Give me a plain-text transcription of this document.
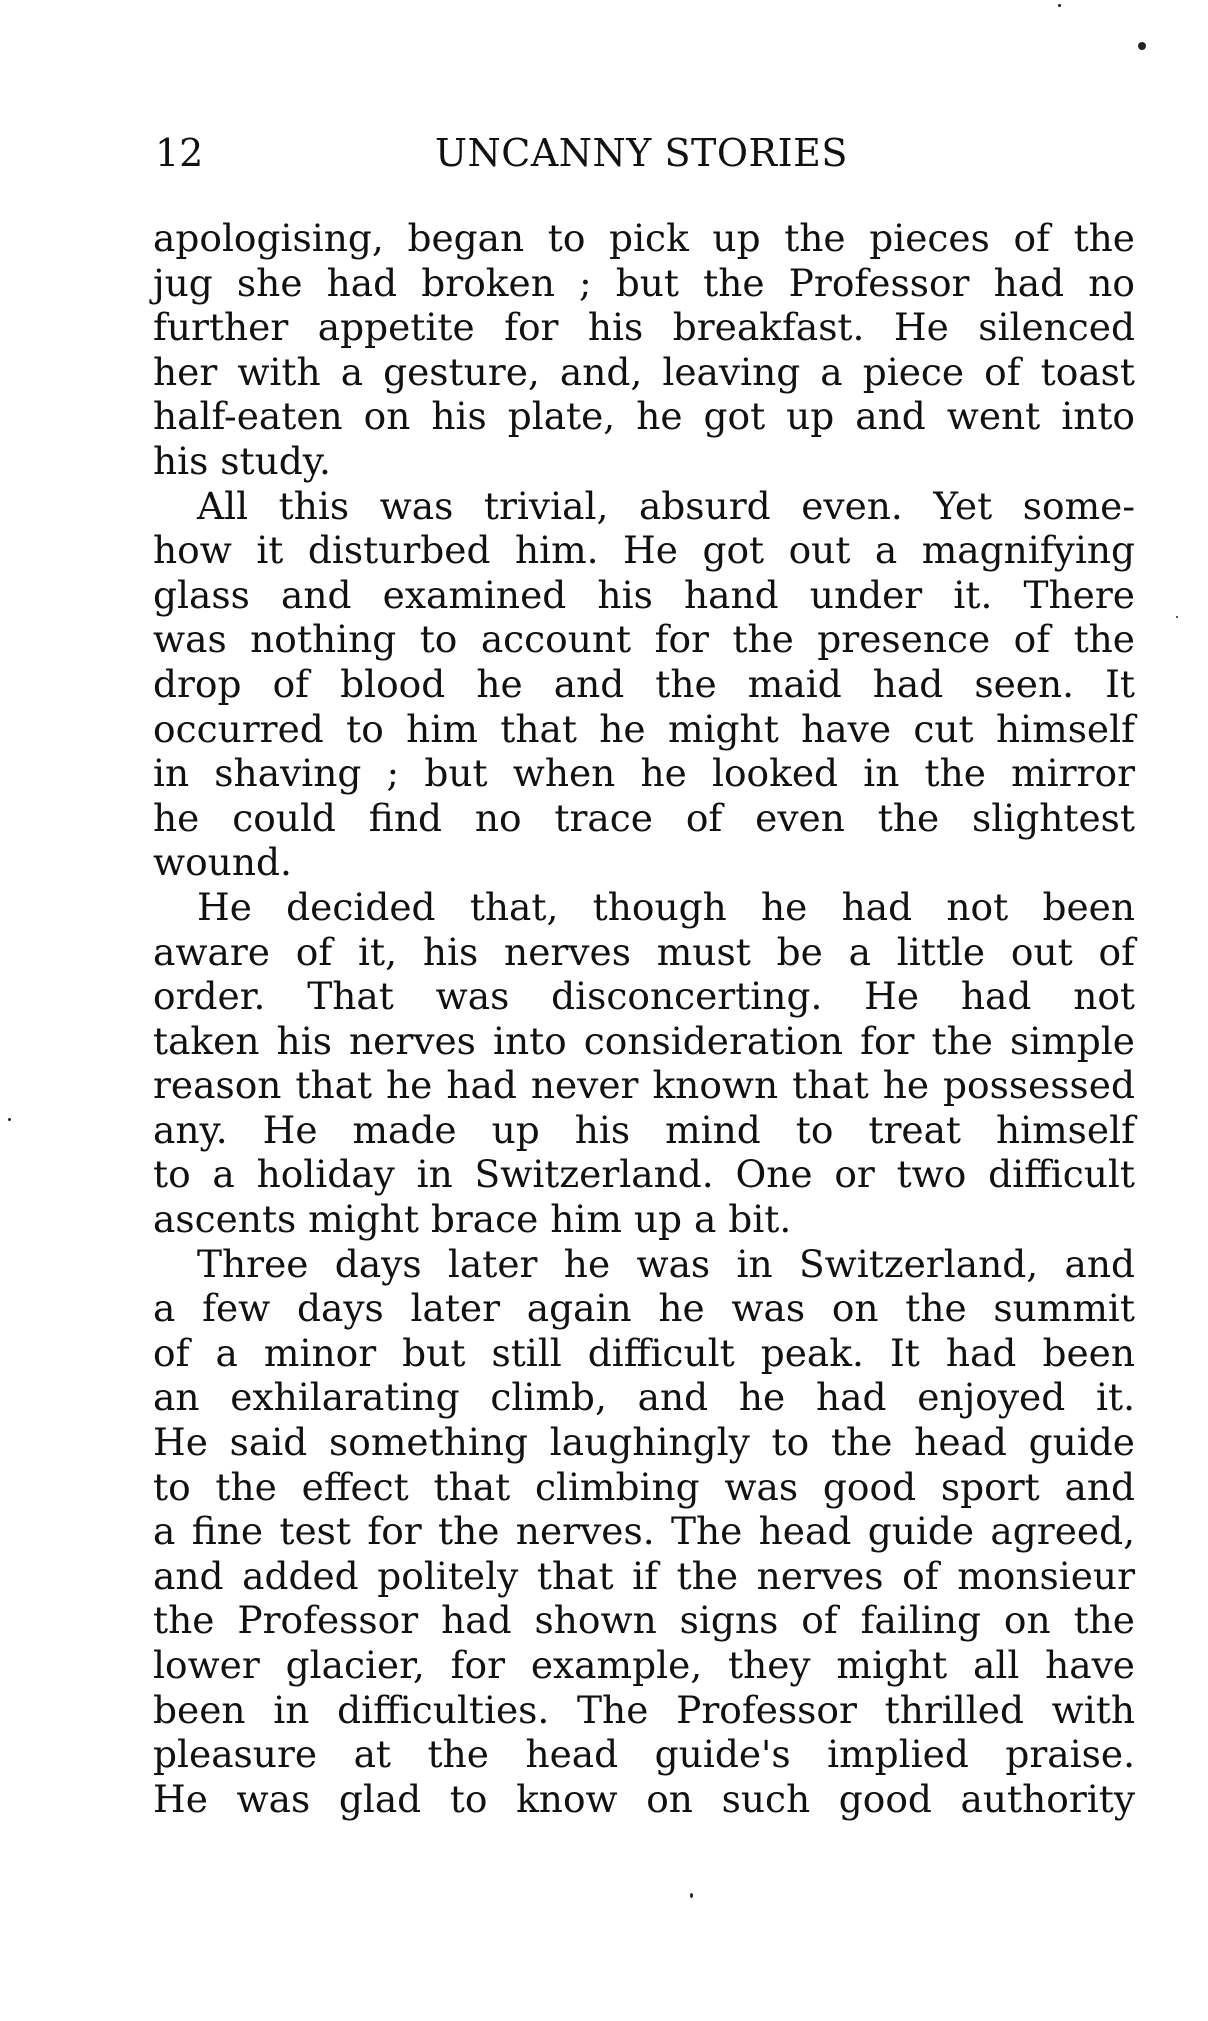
12	UNCANNY STORIES
apologising, began to pick up the pieces of the
jug she had broken ; but the Professor had no
further appetite for his breakfast. He silenced
her with a gesture, and, leaving a piece of toast
half-eaten on his plate, he got up and went into
his study.
All this was trivial, absurd even. Yet some-
how it disturbed him. He got out a magnifying
glass and examined his hand under it. There
was nothing to account for the presence of the
drop of blood he and the maid had seen. It
occurred to him that he might have cut himself
in shaving ; but when he looked in the mirror
he could find no trace of even the slightest
wound.
He decided that, though he had not been
aware of it, his nerves must be a little out of
order. That was disconcerting. He had not
taken his nerves into consideration for the simple
reason that he had never known that he possessed
any. He made up his mind to treat himself
to a holiday in Switzerland. One or two difficult
ascents might brace him up a bit.
Three days later he was in Switzerland, and
a few days later again he was on the summit
of a minor but still difficult peak. It had been
an exhilarating climb, and he had enjoyed it.
He said something laughingly to the head guide
to the effect that climbing was good sport and
a fine test for the nerves. The head guide agreed,
and added politely that if the nerves of monsieur
the Professor had shown signs of failing on the
lower glacier, for example, they might all have
been in difficulties. The Professor thrilled with
pleasure at the head guide's implied praise.
He was glad to know on such good authority
